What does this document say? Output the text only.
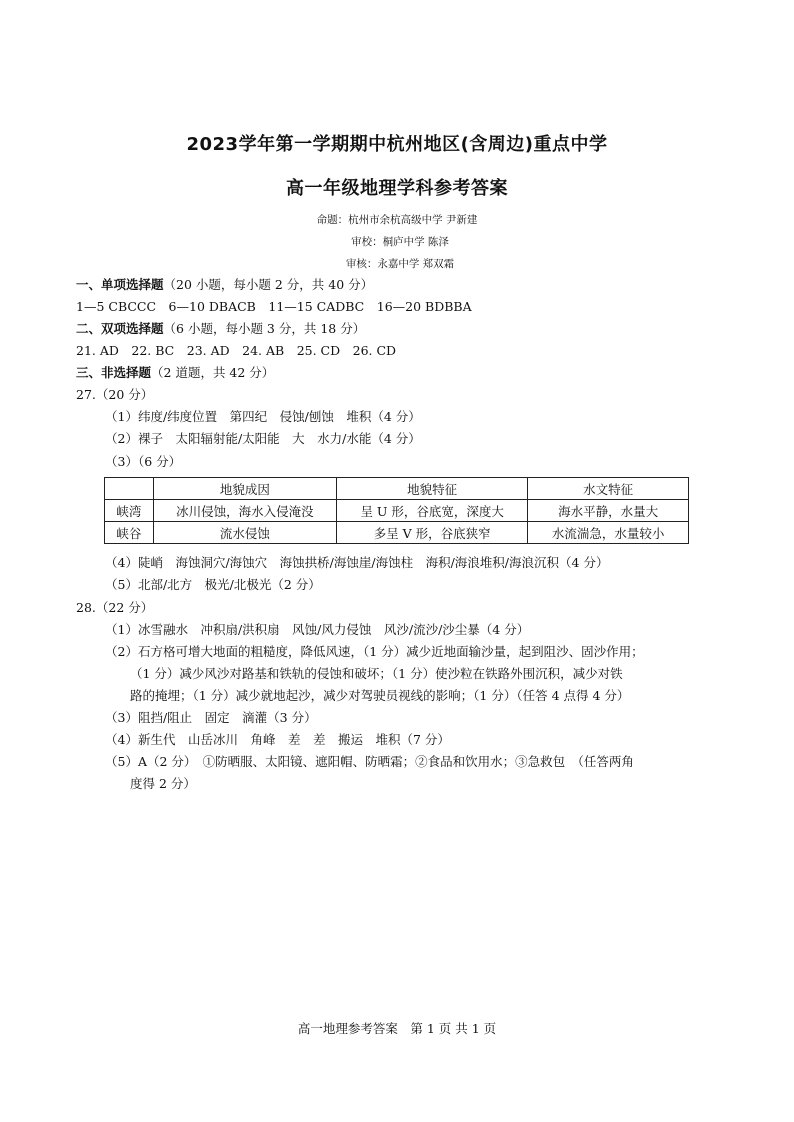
2023学年第一学期期中杭州地区(含周边)重点中学
高一年级地理学科参考答案
命题：杭州市余杭高级中学 尹新建
审校：桐庐中学 陈泽
审核：永嘉中学 郑双霜
一、单项选择题（20 小题，每小题 2 分，共 40 分）
1—5 CBCCC　6—10 DBACB　11—15 CADBC　16—20 BDBBA
二、双项选择题（6 小题，每小题 3 分，共 18 分）
21. AD　22. BC　23. AD　24. AB　25. CD　26. CD
三、非选择题（2 道题，共 42 分）
27.（20 分）
（1）纬度/纬度位置　第四纪　侵蚀/刨蚀　堆积（4 分）
（2）裸子　太阳辐射能/太阳能　大　水力/水能（4 分）
（3）（6 分）
	地貌成因	地貌特征	水文特征
峡湾	冰川侵蚀，海水入侵淹没	呈 U 形，谷底宽，深度大	海水平静，水量大
峡谷	流水侵蚀	多呈 V 形，谷底狭窄	水流湍急，水量较小
（4）陡峭　海蚀洞穴/海蚀穴　海蚀拱桥/海蚀崖/海蚀柱　海积/海浪堆积/海浪沉积（4 分）
（5）北部/北方　极光/北极光（2 分）
28.（22 分）
（1）冰雪融水　冲积扇/洪积扇　风蚀/风力侵蚀　风沙/流沙/沙尘暴（4 分）
（2）石方格可增大地面的粗糙度，降低风速，（1 分）减少近地面输沙量，起到阻沙、固沙作用；
（1 分）减少风沙对路基和铁轨的侵蚀和破坏；（1 分）使沙粒在铁路外围沉积，减少对铁
路的掩埋；（1 分）减少就地起沙，减少对驾驶员视线的影响；（1 分）（任答 4 点得 4 分）
（3）阻挡/阻止　固定　滴灌（3 分）
（4）新生代　山岳冰川　角峰　差　差　搬运　堆积（7 分）
（5）A（2 分）　①防晒服、太阳镜、遮阳帽、防晒霜；②食品和饮用水；③急救包　（任答两角
度得 2 分）
高一地理参考答案　第 1 页 共 1 页
